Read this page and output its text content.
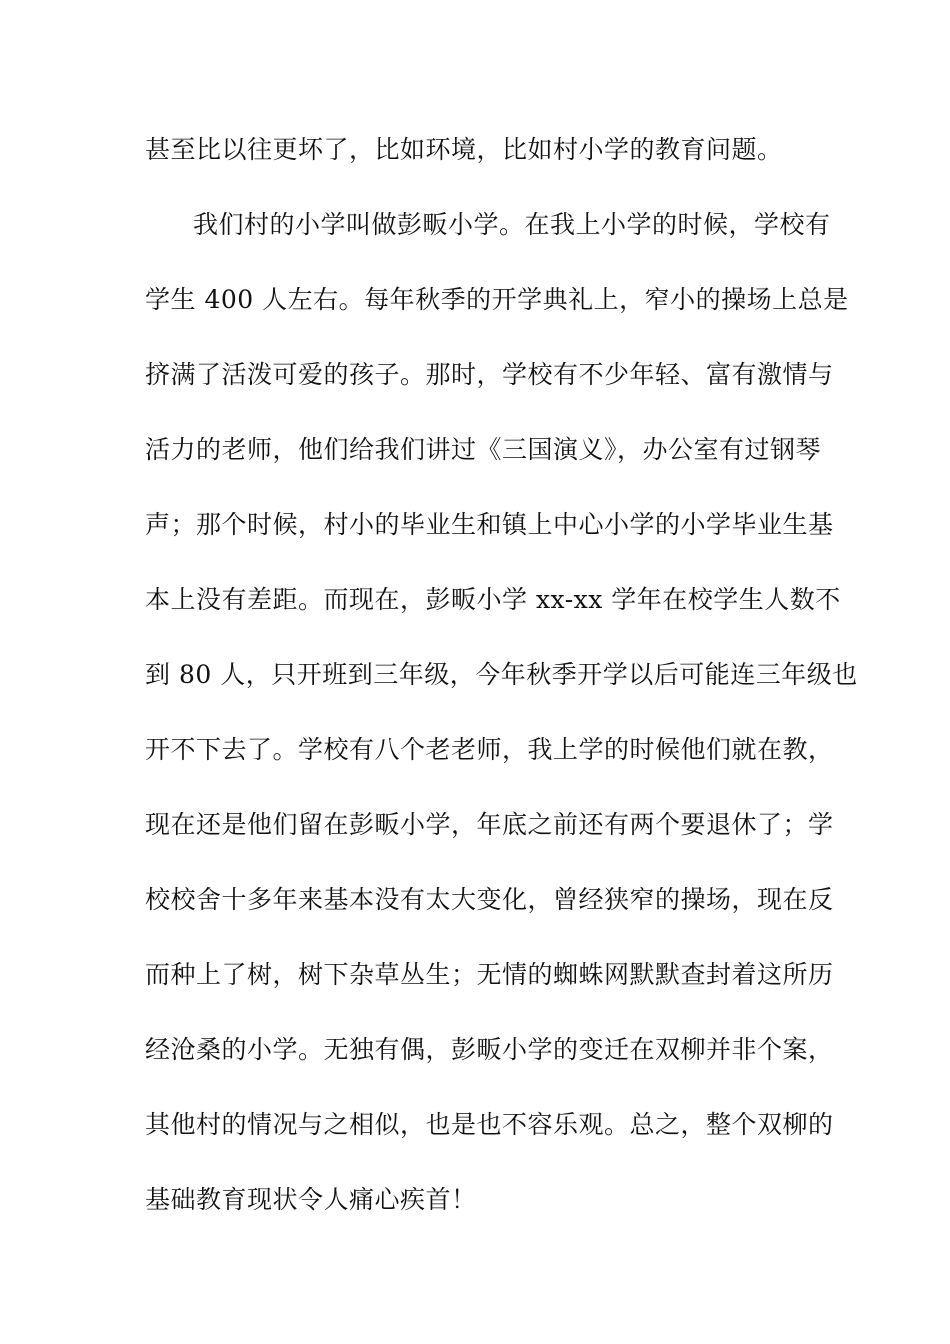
甚至比以往更坏了，比如环境，比如村小学的教育问题。
我们村的小学叫做彭畈小学。在我上小学的时候，学校有
学生 400 人左右。每年秋季的开学典礼上，窄小的操场上总是
挤满了活泼可爱的孩子。那时，学校有不少年轻、富有激情与
活力的老师，他们给我们讲过《三国演义》，办公室有过钢琴
声；那个时候，村小的毕业生和镇上中心小学的小学毕业生基
本上没有差距。而现在，彭畈小学 xx-xx 学年在校学生人数不
到 80 人，只开班到三年级，今年秋季开学以后可能连三年级也
开不下去了。学校有八个老老师，我上学的时候他们就在教，
现在还是他们留在彭畈小学，年底之前还有两个要退休了；学
校校舍十多年来基本没有太大变化，曾经狭窄的操场，现在反
而种上了树，树下杂草丛生；无情的蜘蛛网默默查封着这所历
经沧桑的小学。无独有偶，彭畈小学的变迁在双柳并非个案，
其他村的情况与之相似，也是也不容乐观。总之，整个双柳的
基础教育现状令人痛心疾首！
